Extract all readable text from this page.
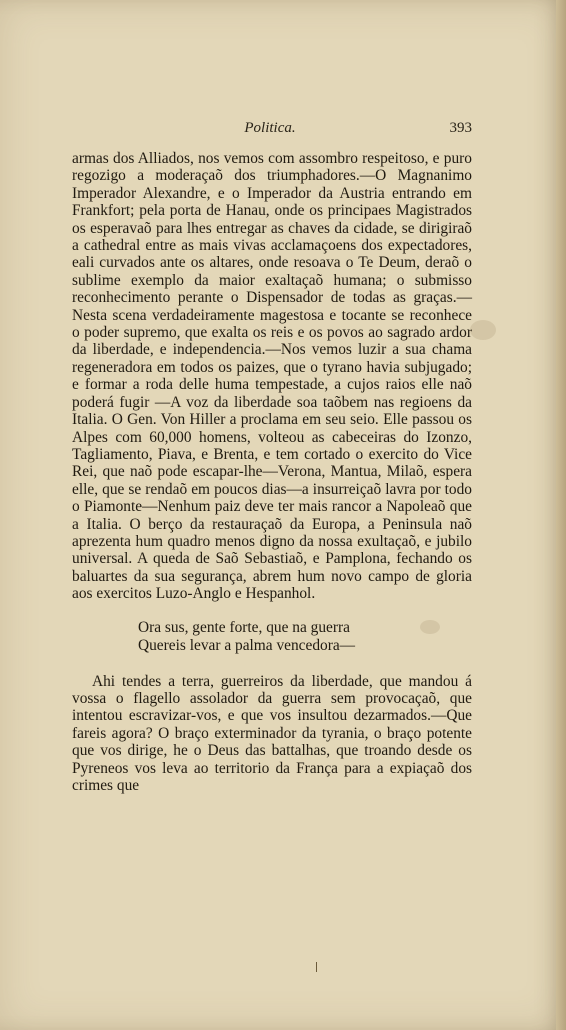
Politica.	393

armas dos Alliados, nos vemos com assombro respeitoso, e puro regozigo a moderaçaõ dos triumphadores.—O Magnanimo Imperador Alexandre, e o Imperador da Austria entrando em Frankfort; pela porta de Hanau, onde os principaes Magistrados os esperavaõ para lhes entregar as chaves da cidade, se dirigiraõ a cathedral entre as mais vivas acclamaçoens dos expectadores, eali curvados ante os altares, onde resoava o Te Deum, deraõ o sublime exemplo da maior exaltaçaõ humana; o submisso reconhecimento perante o Dispensador de todas as graças.—Nesta scena verdadeiramente magestosa e tocante se reconhece o poder supremo, que exalta os reis e os povos ao sagrado ardor da liberdade, e independencia.—Nos vemos luzir a sua chama regeneradora em todos os paizes, que o tyrano havia subjugado; e formar a roda delle huma tempestade, a cujos raios elle naõ poderá fugir —A voz da liberdade soa taõbem nas regioens da Italia. O Gen. Von Hiller a proclama em seu seio. Elle passou os Alpes com 60,000 homens, volteou as cabeceiras do Izonzo, Tagliamento, Piava, e Brenta, e tem cortado o exercito do Vice Rei, que naõ pode escapar-lhe—Verona, Mantua, Milaõ, espera elle, que se rendaõ em poucos dias—a insurreiçaõ lavra por todo o Piamonte—Nenhum paiz deve ter mais rancor a Napoleaõ que a Italia. O berço da restauraçaõ da Europa, a Peninsula naõ aprezenta hum quadro menos digno da nossa exultaçaõ, e jubilo universal. A queda de Saõ Sebastiaõ, e Pamplona, fechando os baluartes da sua segurança, abrem hum novo campo de gloria aos exercitos Luzo-Anglo e Hespanhol.

Ora sus, gente forte, que na guerra
Quereis levar a palma vencedora—

Ahi tendes a terra, guerreiros da liberdade, que mandou á vossa o flagello assolador da guerra sem provocaçaõ, que intentou escravizar-vos, e que vos insultou dezarmados.—Que fareis agora? O braço exterminador da tyrania, o braço potente que vos dirige, he o Deus das battalhas, que troando desde os Pyreneos vos leva ao territorio da França para a expiaçaõ dos crimes que
